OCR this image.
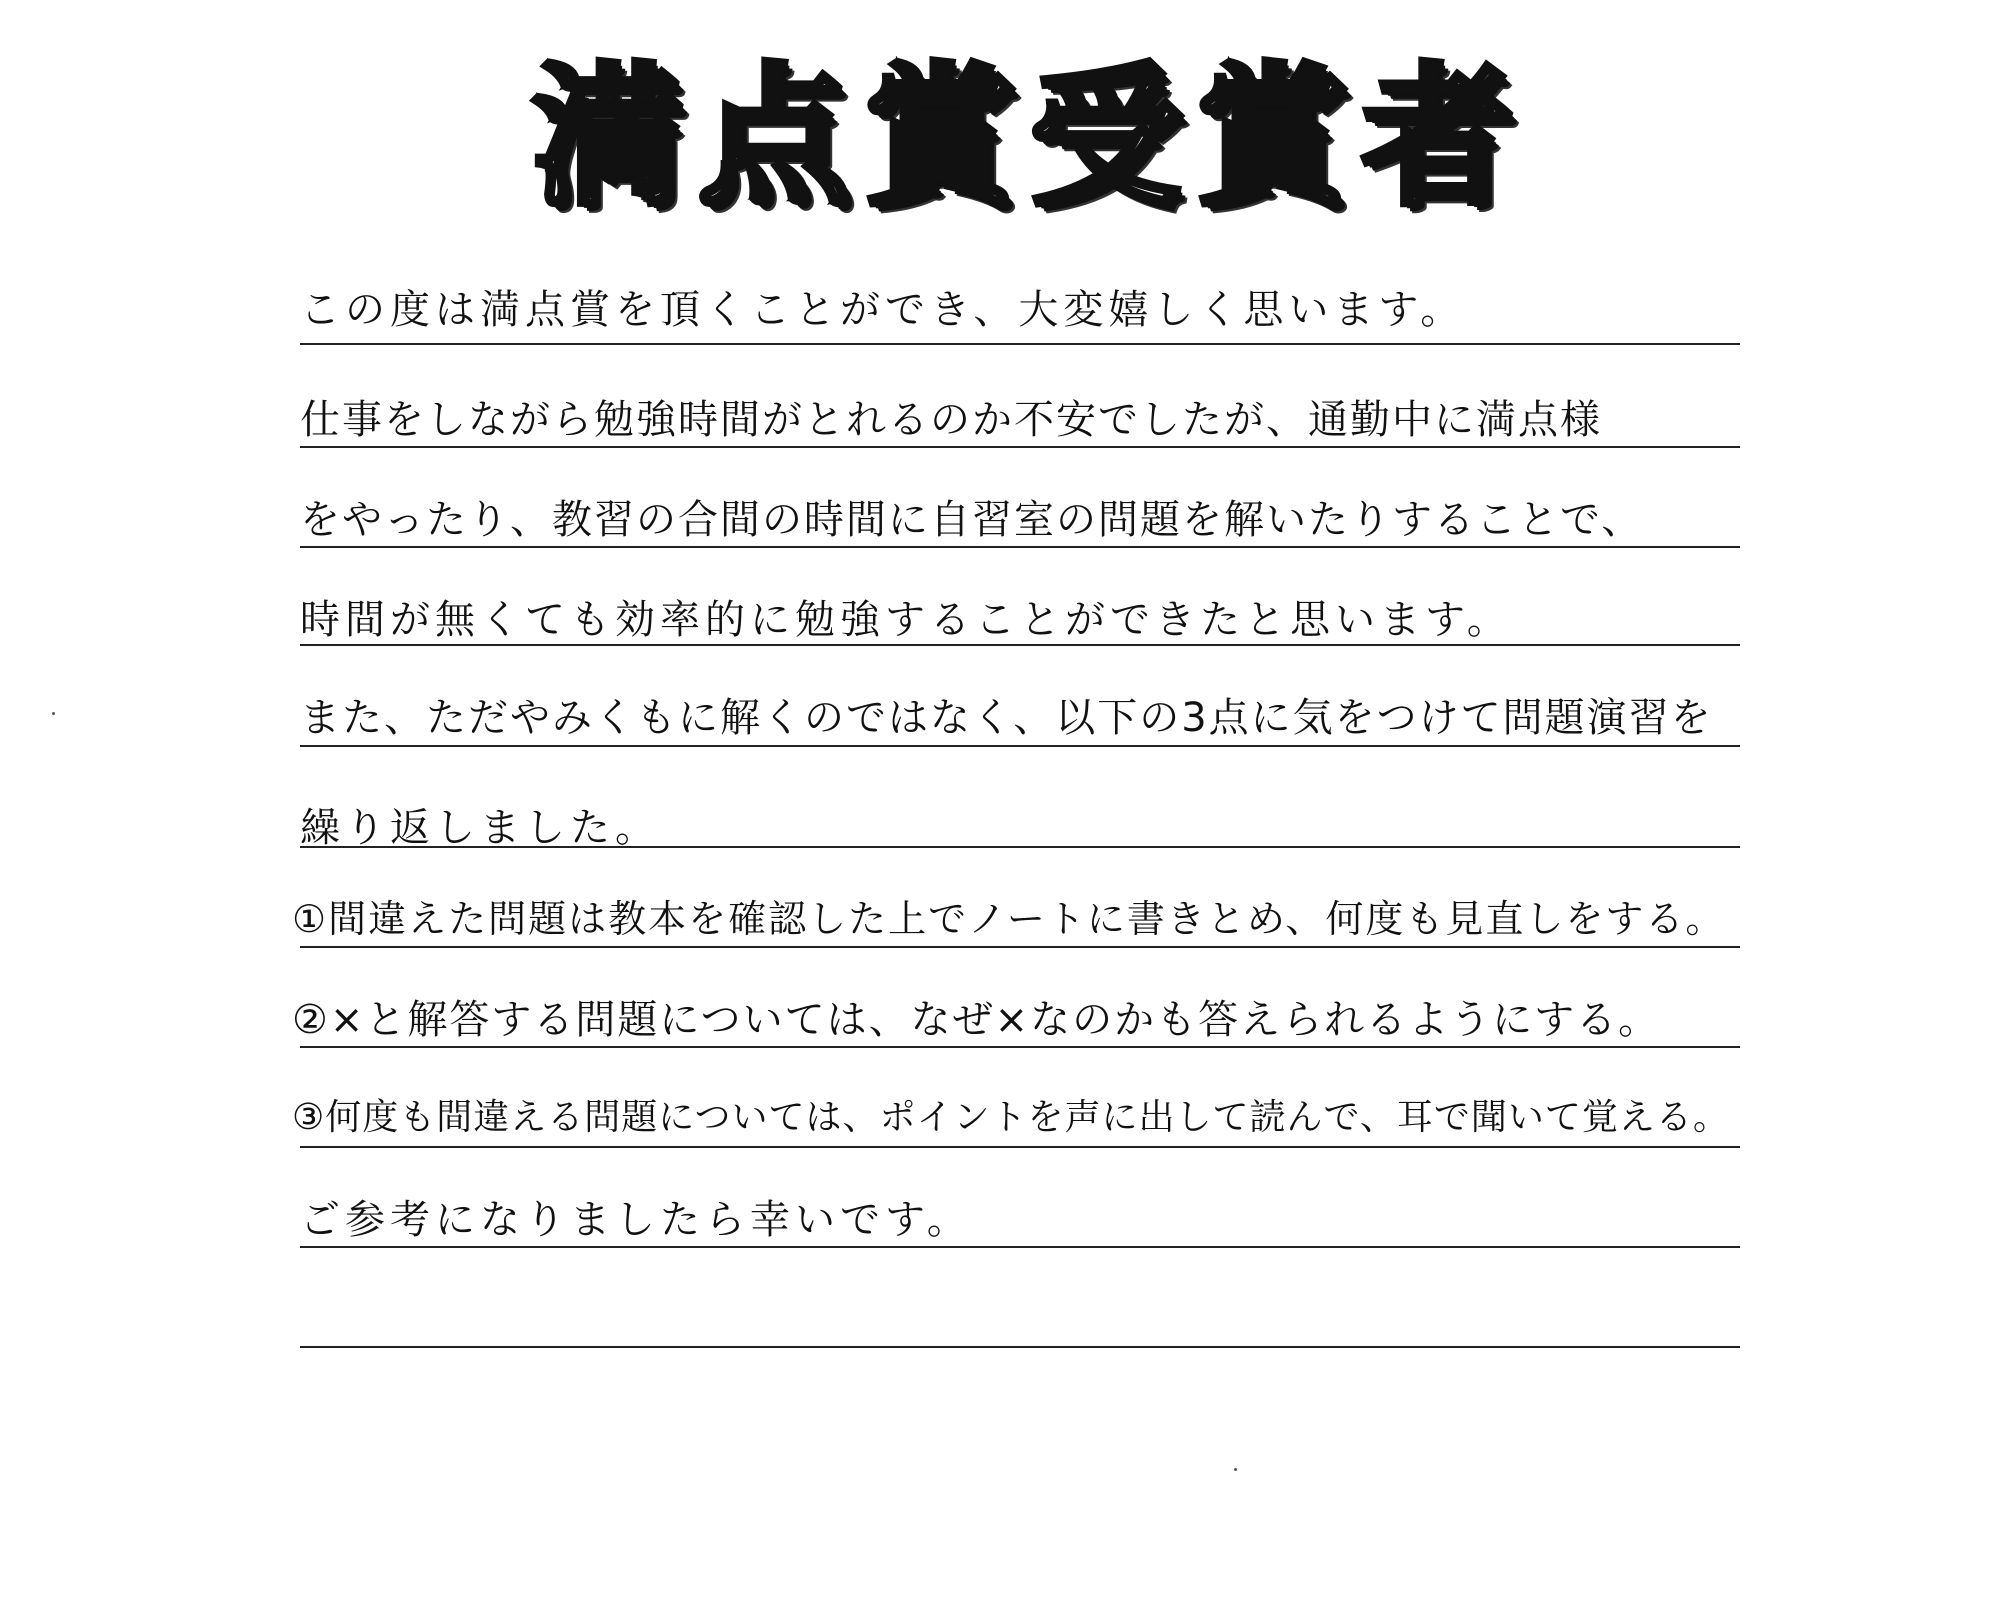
満点賞受賞者
この度は満点賞を頂くことができ、大変嬉しく思います。
仕事をしながら勉強時間がとれるのか不安でしたが、通勤中に満点様
をやったり、教習の合間の時間に自習室の問題を解いたりすることで、
時間が無くても効率的に勉強することができたと思います。
また、ただやみくもに解くのではなく、以下の3点に気をつけて問題演習を
繰り返しました。
①間違えた問題は教本を確認した上でノートに書きとめ、何度も見直しをする。
②×と解答する問題については、なぜ×なのかも答えられるようにする。
③何度も間違える問題については、ポイントを声に出して読んで、耳で聞いて覚える。
ご参考になりましたら幸いです。
